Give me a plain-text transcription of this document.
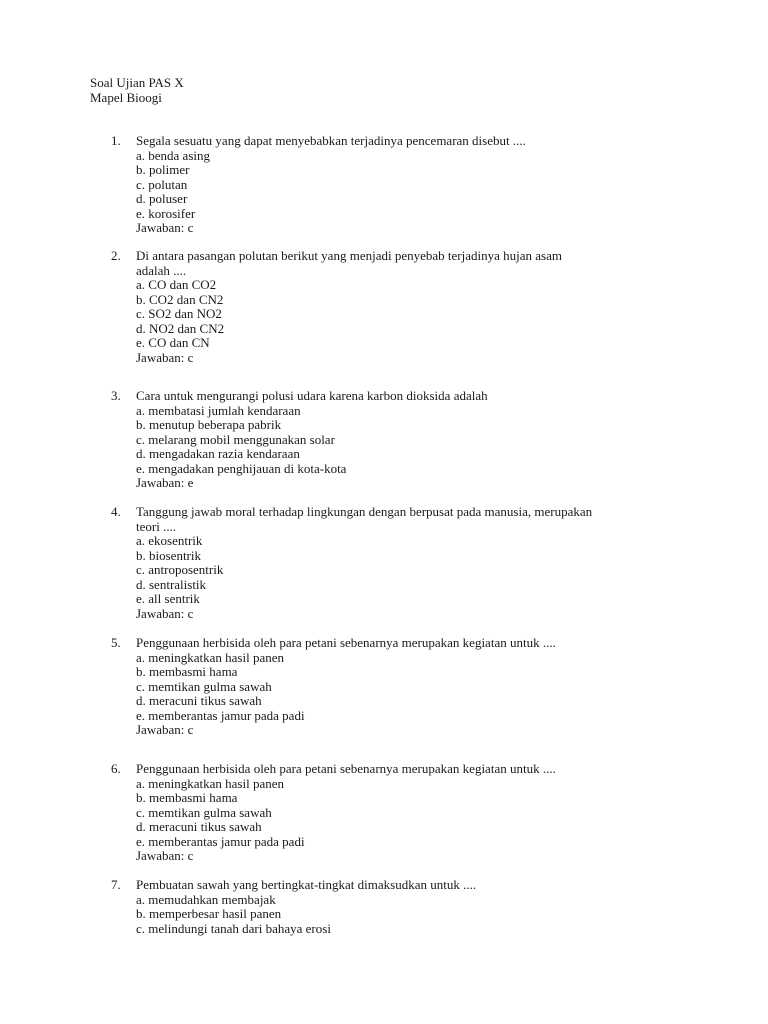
Soal Ujian PAS X
Mapel Bioogi
1.	Segala sesuatu yang dapat menyebabkan terjadinya pencemaran disebut ....
a. benda asing
b. polimer
c. polutan
d. poluser
e. korosifer
Jawaban: c
2.	Di antara pasangan polutan berikut yang menjadi penyebab terjadinya hujan asam
adalah ....
a. CO dan CO2
b. CO2 dan CN2
c. SO2 dan NO2
d. NO2 dan CN2
e. CO dan CN
Jawaban: c
3.	Cara untuk mengurangi polusi udara karena karbon dioksida adalah
a. membatasi jumlah kendaraan
b. menutup beberapa pabrik
c. melarang mobil menggunakan solar
d. mengadakan razia kendaraan
e. mengadakan penghijauan di kota-kota
Jawaban: e
4.	Tanggung jawab moral terhadap lingkungan dengan berpusat pada manusia, merupakan
teori ....
a. ekosentrik
b. biosentrik
c. antroposentrik
d. sentralistik
e. all sentrik
Jawaban: c
5.	Penggunaan herbisida oleh para petani sebenarnya merupakan kegiatan untuk ....
a. meningkatkan hasil panen
b. membasmi hama
c. memtikan gulma sawah
d. meracuni tikus sawah
e. memberantas jamur pada padi
Jawaban: c
6.	Penggunaan herbisida oleh para petani sebenarnya merupakan kegiatan untuk ....
a. meningkatkan hasil panen
b. membasmi hama
c. memtikan gulma sawah
d. meracuni tikus sawah
e. memberantas jamur pada padi
Jawaban: c
7.	Pembuatan sawah yang bertingkat-tingkat dimaksudkan untuk ....
a. memudahkan membajak
b. memperbesar hasil panen
c. melindungi tanah dari bahaya erosi
